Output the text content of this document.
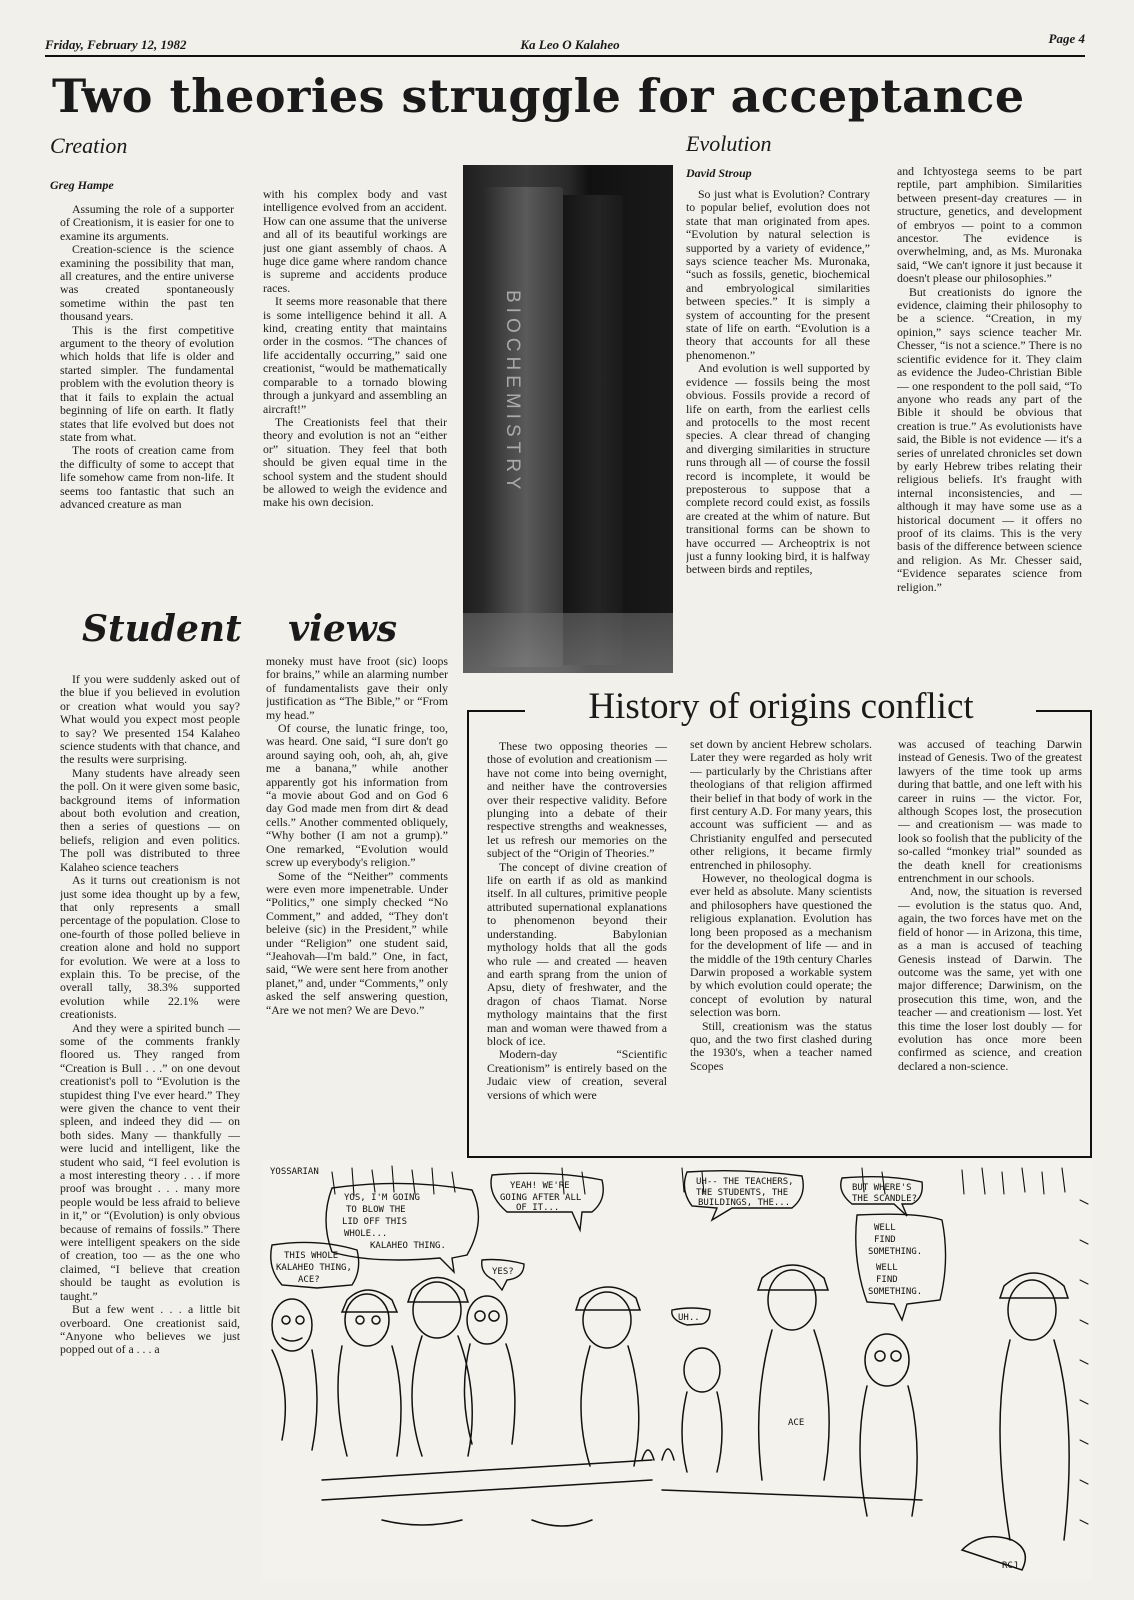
Friday, February 12, 1982	Ka Leo O Kalaheo	Page 4
Two theories struggle for acceptance
Creation
Greg Hampe

Assuming the role of a supporter of Creationism, it is easier for one to examine its arguments.

Creation-science is the science examining the possibility that man, all creatures, and the entire universe was created spontaneously sometime within the past ten thousand years.

This is the first competitive argument to the theory of evolution which holds that life is older and started simpler. The fundamental problem with the evolution theory is that it fails to explain the actual beginning of life on earth. It flatly states that life evolved but does not state from what.

The roots of creation came from the difficulty of some to accept that life somehow came from non-life. It seems too fantastic that such an advanced creature as man

with his complex body and vast intelligence evolved from an accident. How can one assume that the universe and all of its beautiful workings are just one giant assembly of chaos. A huge dice game where random chance is supreme and accidents produce races.

It seems more reasonable that there is some intelligence behind it all. A kind, creating entity that maintains order in the cosmos. “The chances of life accidentally occurring,” said one creationist, “would be mathematically comparable to a tornado blowing through a junkyard and assembling an aircraft!”

The Creationists feel that their theory and evolution is not an “either or” situation. They feel that both should be given equal time in the school system and the student should be allowed to weigh the evidence and make his own decision.

BIOCHEMISTRY
Evolution
David Stroup

So just what is Evolution? Contrary to popular belief, evolution does not state that man originated from apes. “Evolution by natural selection is supported by a variety of evidence,” says science teacher Ms. Muronaka, “such as fossils, genetic, biochemical and embryological similarities between species.” It is simply a system of accounting for the present state of life on earth. “Evolution is a theory that accounts for all these phenomenon.”

And evolution is well supported by evidence — fossils being the most obvious. Fossils provide a record of life on earth, from the earliest cells and protocells to the most recent species. A clear thread of changing and diverging similarities in structure runs through all — of course the fossil record is incomplete, it would be preposterous to suppose that a complete record could exist, as fossils are created at the whim of nature. But transitional forms can be shown to have occurred — Archeoptrix is not just a funny looking bird, it is halfway between birds and reptiles,

and Ichtyostega seems to be part reptile, part amphibion. Similarities between present-day creatures — in structure, genetics, and development of embryos — point to a common ancestor. The evidence is overwhelming, and, as Ms. Muronaka said, “We can't ignore it just because it doesn't please our philosophies.”

But creationists do ignore the evidence, claiming their philosophy to be a science. “Creation, in my opinion,” says science teacher Mr. Chesser, “is not a science.” There is no scientific evidence for it. They claim as evidence the Judeo-Christian Bible — one respondent to the poll said, “To anyone who reads any part of the Bible it should be obvious that creation is true.” As evolutionists have said, the Bible is not evidence — it's a series of unrelated chronicles set down by early Hebrew tribes relating their religious beliefs. It's fraught with internal inconsistencies, and — although it may have some use as a historical document — it offers no proof of its claims. This is the very basis of the difference between science and religion. As Mr. Chesser said, “Evidence separates science from religion.”

Student views

If you were suddenly asked out of the blue if you believed in evolution or creation what would you say? What would you expect most people to say? We presented 154 Kalaheo science students with that chance, and the results were surprising.

Many students have already seen the poll. On it were given some basic, background items of information about both evolution and creation, then a series of questions — on beliefs, religion and even politics. The poll was distributed to three Kalaheo science teachers

As it turns out creationism is not just some idea thought up by a few, that only represents a small percentage of the population. Close to one-fourth of those polled believe in creation alone and hold no support for evolution. We were at a loss to explain this. To be precise, of the overall tally, 38.3% supported evolution while 22.1% were creationists.

And they were a spirited bunch — some of the comments frankly floored us. They ranged from “Creation is Bull . . .” on one devout creationist's poll to “Evolution is the stupidest thing I've ever heard.” They were given the chance to vent their spleen, and indeed they did — on both sides. Many — thankfully — were lucid and intelligent, like the student who said, “I feel evolution is a most interesting theory . . . if more proof was brought . . . many more people would be less afraid to believe in it,” or “(Evolution) is only obvious because of remains of fossils.” There were intelligent speakers on the side of creation, too — as the one who claimed, “I believe that creation should be taught as evolution is taught.”

But a few went . . . a little bit overboard. One creationist said, “Anyone who believes we just popped out of a . . . a

moneky must have froot (sic) loops for brains,” while an alarming number of fundamentalists gave their only justification as “The Bible,” or “From my head.”

Of course, the lunatic fringe, too, was heard. One said, “I sure don't go around saying ooh, ooh, ah, ah, give me a banana,” while another apparently got his information from “a movie about God and on God 6 day God made men from dirt & dead cells.” Another commented obliquely, “Why bother (I am not a grump).” One remarked, “Evolution would screw up everybody's religion.”

Some of the “Neither” comments were even more impenetrable. Under “Politics,” one simply checked “No Comment,” and added, “They don't beleive (sic) in the President,” while under “Religion” one student said, “Jeahovah—I'm bald.” One, in fact, said, “We were sent here from another planet,” and, under “Comments,” only asked the self answering question, “Are we not men? We are Devo.”

History of origins conflict

These two opposing theories — those of evolution and creationism — have not come into being overnight, and neither have the controversies over their respective validity. Before plunging into a debate of their respective strengths and weaknesses, let us refresh our memories on the subject of the “Origin of Theories.”

The concept of divine creation of life on earth if as old as mankind itself. In all cultures, primitive people attributed supernational explanations to phenomenon beyond their understanding. Babylonian mythology holds that all the gods who rule — and created — heaven and earth sprang from the union of Apsu, diety of freshwater, and the dragon of chaos Tiamat. Norse mythology maintains that the first man and woman were thawed from a block of ice.

Modern-day “Scientific Creationism” is entirely based on the Judaic view of creation, several versions of which were

set down by ancient Hebrew scholars. Later they were regarded as holy writ — particularly by the Christians after theologians of that religion affirmed their belief in that body of work in the first century A.D. For many years, this account was sufficient — and as Christianity engulfed and persecuted other religions, it became firmly entrenched in philosophy.

However, no theological dogma is ever held as absolute. Many scientists and philosophers have questioned the religious explanation. Evolution has long been proposed as a mechanism for the development of life — and in the middle of the 19th century Charles Darwin proposed a workable system by which evolution could operate; the concept of evolution by natural selection was born.

Still, creationism was the status quo, and the two first clashed during the 1930's, when a teacher named Scopes

was accused of teaching Darwin instead of Genesis. Two of the greatest lawyers of the time took up arms during that battle, and one left with his career in ruins — the victor. For, although Scopes lost, the prosecution — and creationism — was made to look so foolish that the publicity of the so-called “monkey trial” sounded as the death knell for creationisms entrenchment in our schools.

And, now, the situation is reversed — evolution is the status quo. And, again, the two forces have met on the field of honor — in Arizona, this time, as a man is accused of teaching Genesis instead of Darwin. The outcome was the same, yet with one major difference; Darwinism, on the prosecution this time, won, and the teacher — and creationism — lost. Yet this time the loser lost doubly — for evolution has once more been confirmed as science, and creation declared a non-science.

YOS, I'M GOING
TO BLOW THE
LID OFF THIS
WHOLE...
KALAHEO THING.
THIS WHOLE
KALAHEO THING,
ACE?
YEAH! WE'RE
GOING AFTER ALL
OF IT...
YES?
UH-- THE TEACHERS,
THE STUDENTS, THE
BUILDINGS, THE...
BUT WHERE'S
THE SCANDLE?
WELL
FIND
SOMETHING.
WELL
FIND
SOMETHING.
UH..
YOSSARIAN
ACE
RCJ
